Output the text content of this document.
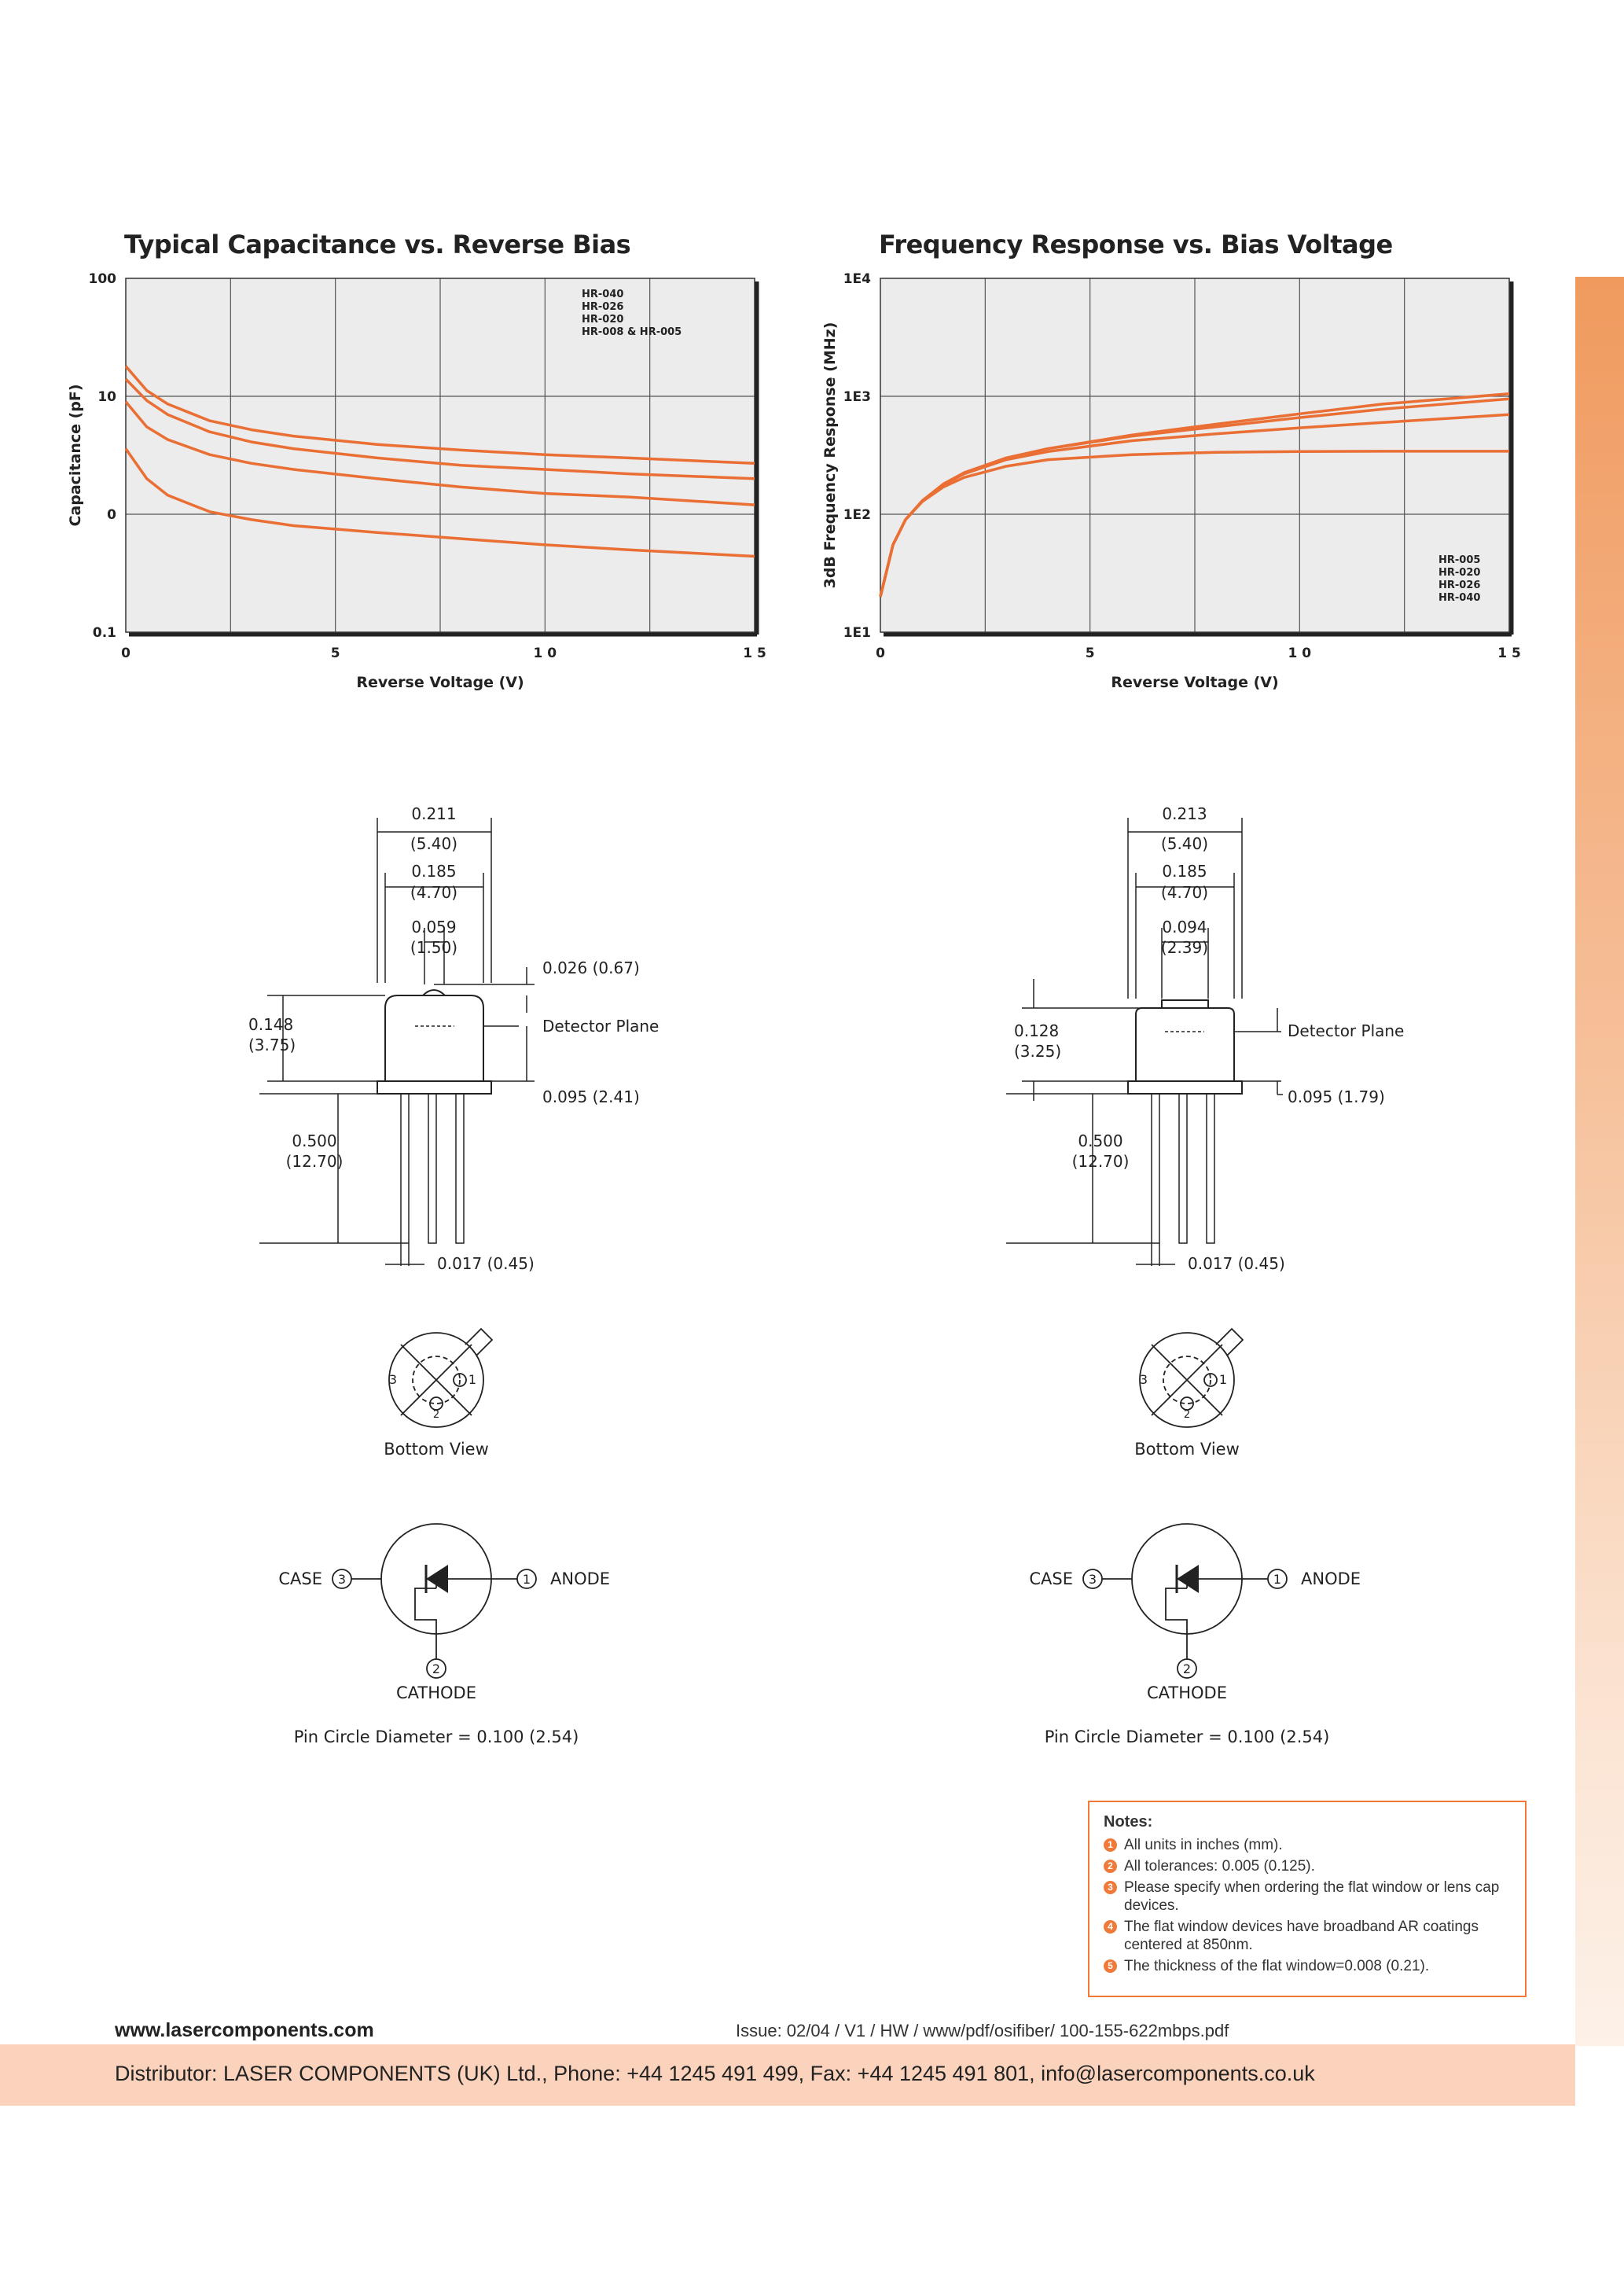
Typical Capacitance vs. Reverse Bias
0	5	1 0	1 5
100
10
0
0.1
Reverse Voltage (V)
Capacitance (pF)
HR-040
HR-026
HR-020
HR-008 & HR-005
Frequency Response vs. Bias Voltage
0	5	1 0	1 5
1E4
1E3
1E2
1E1
Reverse Voltage (V)
3dB Frequency Response (MHz)	HR-005
HR-020
HR-026
HR-040
0.211
(5.40)
0.185
(4.70)
0.059
(1.50)
0.026 (0.67)
0.148
(3.75)
Detector Plane
0.095 (2.41)
0.500
(12.70)
0.017 (0.45)
3	1
2
3	1
2
Bottom View
CASE	ANODE
CATHODE
Pin Circle Diameter = 0.100 (2.54)
0.213
(5.40)
0.185
(4.70)
0.094
(2.39)
0.128
(3.25)
Detector Plane
0.095 (1.79)
0.500
(12.70)
0.017 (0.45)
3	1
2
3	1
2
Bottom View
CASE	ANODE
CATHODE
Pin Circle Diameter = 0.100 (2.54)
Notes:
1 All units in inches (mm).
2 All tolerances: 0.005 (0.125).
3 Please specify when ordering the flat window or lens cap devices.
4 The flat window devices have broadband AR coatings centered at 850nm.
5 The thickness of the flat window=0.008 (0.21).
www.lasercomponents.com	Issue: 02/04 / V1 / HW / www/pdf/osifiber/ 100-155-622mbps.pdf
Distributor: LASER COMPONENTS (UK) Ltd., Phone: +44 1245 491 499, Fax: +44 1245 491 801, info@lasercomponents.co.uk
